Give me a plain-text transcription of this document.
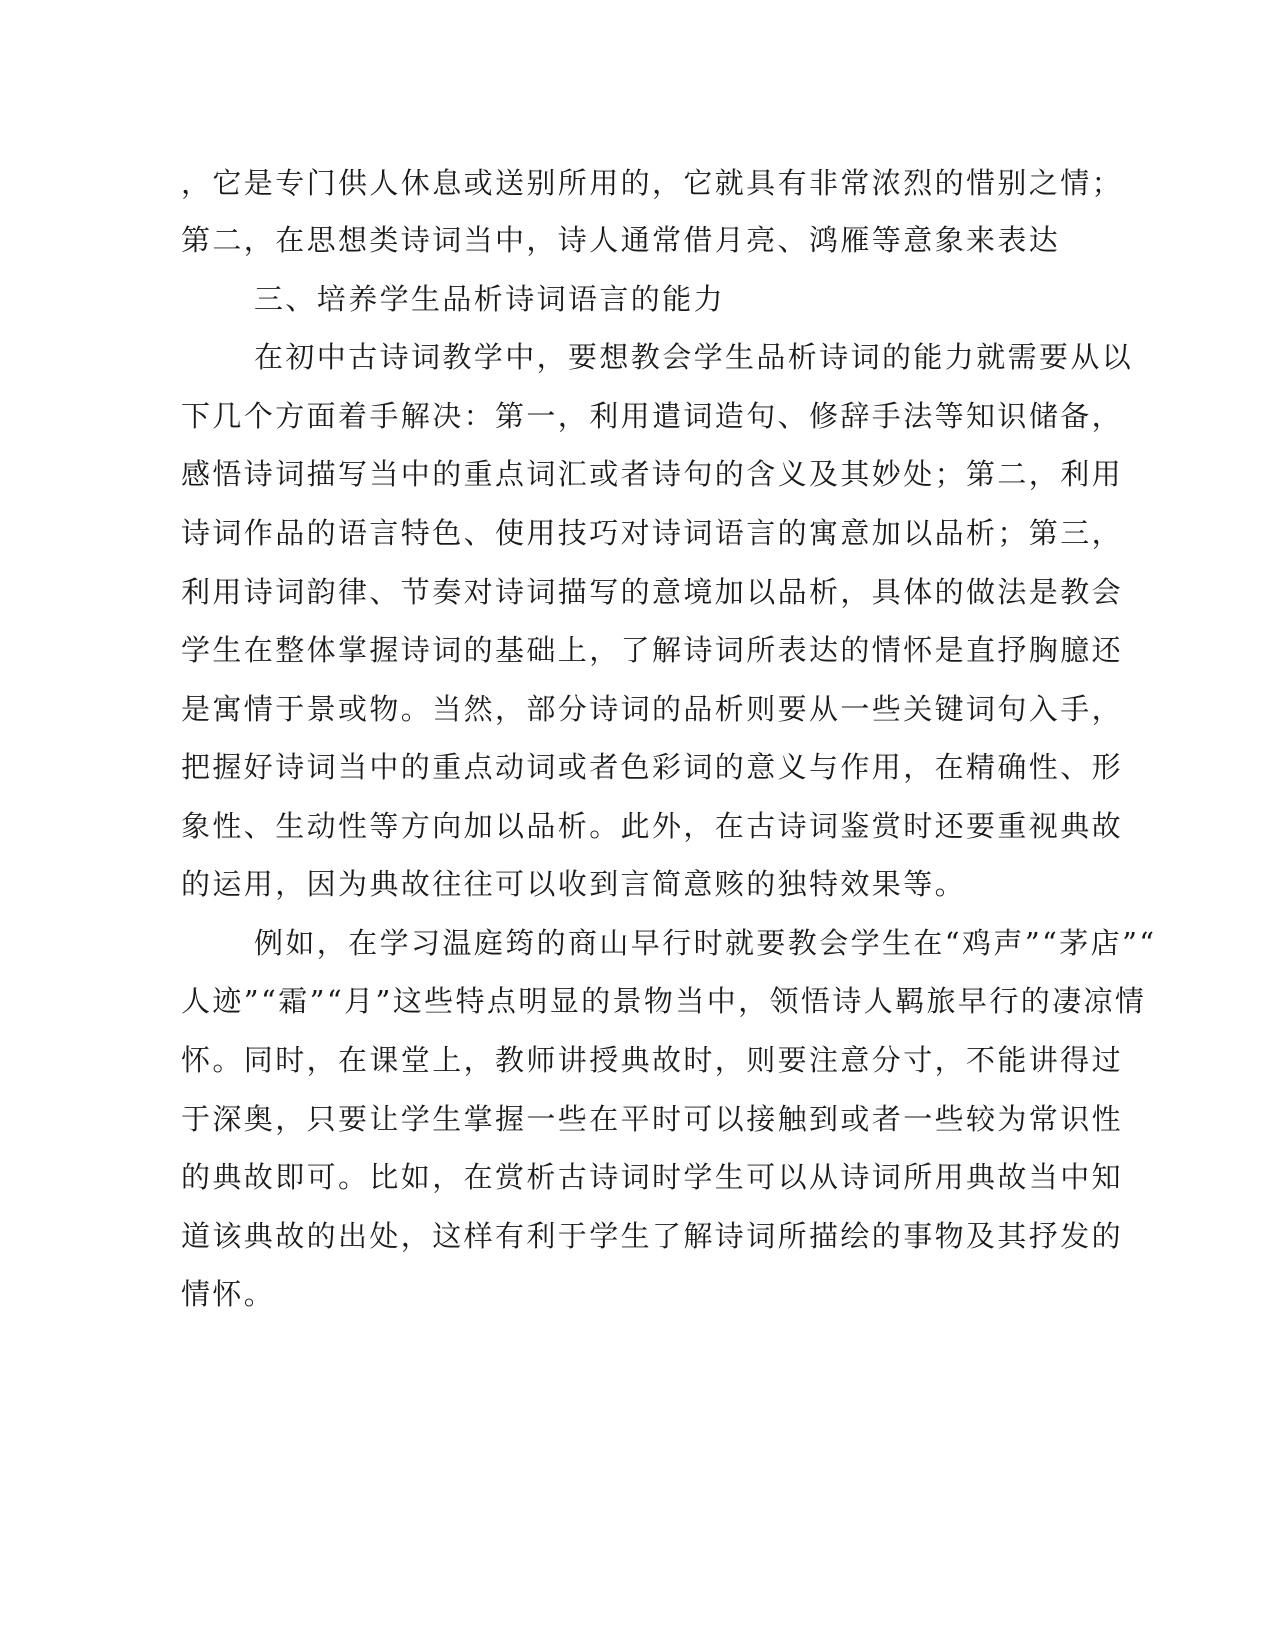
，它是专门供人休息或送别所用的，它就具有非常浓烈的惜别之情；
第二，在思想类诗词当中，诗人通常借月亮、鸿雁等意象来表达
三、培养学生品析诗词语言的能力
在初中古诗词教学中，要想教会学生品析诗词的能力就需要从以
下几个方面着手解决：第一，利用遣词造句、修辞手法等知识储备，
感悟诗词描写当中的重点词汇或者诗句的含义及其妙处；第二，利用
诗词作品的语言特色、使用技巧对诗词语言的寓意加以品析；第三，
利用诗词韵律、节奏对诗词描写的意境加以品析，具体的做法是教会
学生在整体掌握诗词的基础上，了解诗词所表达的情怀是直抒胸臆还
是寓情于景或物。当然，部分诗词的品析则要从一些关键词句入手，
把握好诗词当中的重点动词或者色彩词的意义与作用，在精确性、形
象性、生动性等方向加以品析。此外，在古诗词鉴赏时还要重视典故
的运用，因为典故往往可以收到言简意赅的独特效果等。
例如，在学习温庭筠的商山早行时就要教会学生在“鸡声”“茅店”“
人迹”“霜”“月”这些特点明显的景物当中，领悟诗人羁旅早行的凄凉情
怀。同时，在课堂上，教师讲授典故时，则要注意分寸，不能讲得过
于深奥，只要让学生掌握一些在平时可以接触到或者一些较为常识性
的典故即可。比如，在赏析古诗词时学生可以从诗词所用典故当中知
道该典故的出处，这样有利于学生了解诗词所描绘的事物及其抒发的
情怀。
